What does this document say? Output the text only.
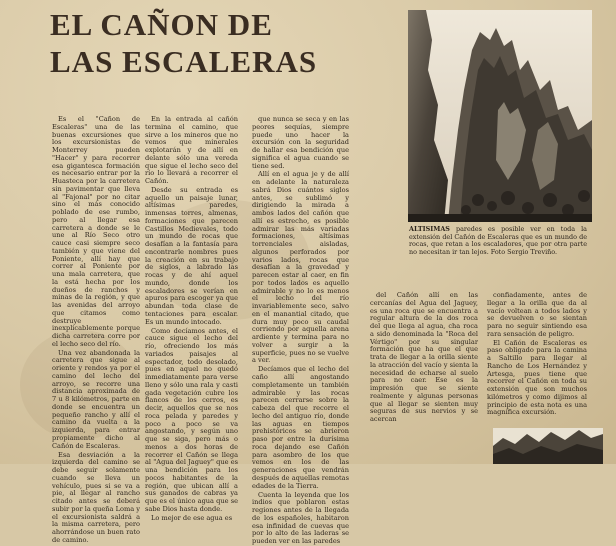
EL CAÑON DE
LAS ESCALERAS

Es el "Cañon de Escaleras" una de las buenas excursiones que los excursionistas de Monterrey pueden "Hacer" y para recorrer esa gigantesca formación es necesario entrar por la Huasteca por la carretera sin pavimentar que lleva al "Fajonal" por no citar sino el más conocido poblado de ese rumbo, pero al llegar esa carretera a donde se le une al Río Seco otro cauce casi siempre seco también y que viene del Poniente, allí hay que correr al Poniente por una mala carretera, que la está hecha por los dueños de ranchos y minas de la región, y que las avenidas del arroyo que citamos como destruye inexplicablemente porque dicha carretera corre por el lecho seco del río.

Una vez abandonada la carretera que sigue al oriente y rendos ya por el camino del lecho del arroyo, se recorre una distancia aproximada de 7 u 8 kilómetros, parte en donde se encuentra un pequeño rancho y allí el camino da vuelta a la izquierda, para entrar propiamente dicho al Cañón de Escaleras.

Esa desviación a la izquierda del camino se debe seguir solamente cuando se lleva un vehículo, pues si se va a pie, al llegar al rancho citado antes se deberá subir por la queña Loma y el excursionista saldrá a la misma carretera, pero ahorrándose un buen rato de camino.

En la entrada al cañón termina el camino, que sirve a los mineros que no vemos que minerales explotarán y de allí en delante sólo una vereda que sigue el lecho seco del río lo llevará a recorrer el Cañón.

Desde su entrada es aquello un paisaje lunar, altísimas paredes, inmensas torres, almenas, formaciones que parecen Castillos Medievales, todo un mundo de rocas que desafían a la fantasía para encontrarle nombres pues la creación en su trabajo de siglos, a labrado las rocas y de ahí aquel mundo, donde los escaladores se verían en apuros para escoger ya que abundan toda clase de tentaciones para escalar. Es un mundo intocado.

Como decíamos antes, el cauce sigue el lecho del río, ofreciendo los más variados paisajes al espectador, todo desolado, pues en aquel no quedó inmediatamente para verse lleno y sólo una rala y casti gada vegetación cubre los flancos de los cerros, es decir, aquellos que se nos roca pelada y paredes y poco a poco se va angostando, y según uno que se siga, pero más o menos a dos horas de recorrer el Cañón se llega al "Agua del Jaguey" que es una bendición para los pocos habitantes de la región, que ubican allí a sus ganados de cabras ya que es el único agua que se sabe Dios hasta donde.

Lo mejor de ese agua es

que nunca se seca y en las peores sequías, siempre puede uno hacer la excursión con la seguridad de hallar esa bendición que significa el agua cuando se tiene sed.

Allí en el agua je y de allí en adelante la naturaleza sabrá Dios cuántos siglos antes, se sublimó y dirigiendo la mirada a ambos lados del cañón que allí es estrecho, es posible admirar las más variadas formaciones, altísimas torrenciales aisladas, algunos perforados por varios lados, rocas que desafían a la gravedad y parecen estar al caer, en fin por todos lados es aquello admirable y no lo es menos el lecho del río invariablemente seco, salvo en el manantial citado, que dura muy poco su caudal corriendo por aquella arena ardiente y termina para no volver a surgir a la superficie, pues no se vuelve a ver.

Decíamos que el lecho del caño allí angostando completamente un también admirable y las rocas parecen cerrarse sobre la cabeza del que recorre el lecho del antiguo río, donde las aguas en tiempos prehistóricos se abrieron paso por entre la durísima roca dejando ese Cañón para asombro de los que vemos en los de las generaciones que vendrán después de aquellas remotas edades de la Tierra.

Cuenta la leyenda que los indios que poblaron estas regiones antes de la llegada de los españoles, habitaron esa infinidad de cuevas que por lo alto de las laderas se pueden ver en las paredes

ALTISIMAS paredes es posible ver en toda la extensión del Cañón de Escaleras que es un mundo de rocas, que retan a los escaladores, que por otra parte no necesitan ir tan lejos. Foto Sergio Treviño.

del Cañón allí en las cercanías del Agua del Jaguey, es una roca que se encuentra a regular altura de la dos roca del que llega al agua, cha roca a sido denominada la "Roca del Vértigo" por su singular formación que ha que el que trata de llegar a la orilla siente la atracción del vacío y sienta la necesidad de echarse al suelo para no caer. Ese es la impresión que se siente realmente y algunas personas que al llegar se sienten muy seguras de sus nervios y se acercan

confiadamente, antes de llegar a la orilla que da al vacío voltean a todos lados y se devuelven o se sientan para no seguir sintiendo esa rara sensación de peligro.

El Cañón de Escaleras es paso obligado para la camina a Saltillo para llegar al Rancho de Los Hernández y Artesga, pues tiene que recorrer el Cañón en toda su extensión que son muchos kilómetros y como dijimos al principio de esta nota es una magnífica excursión.
